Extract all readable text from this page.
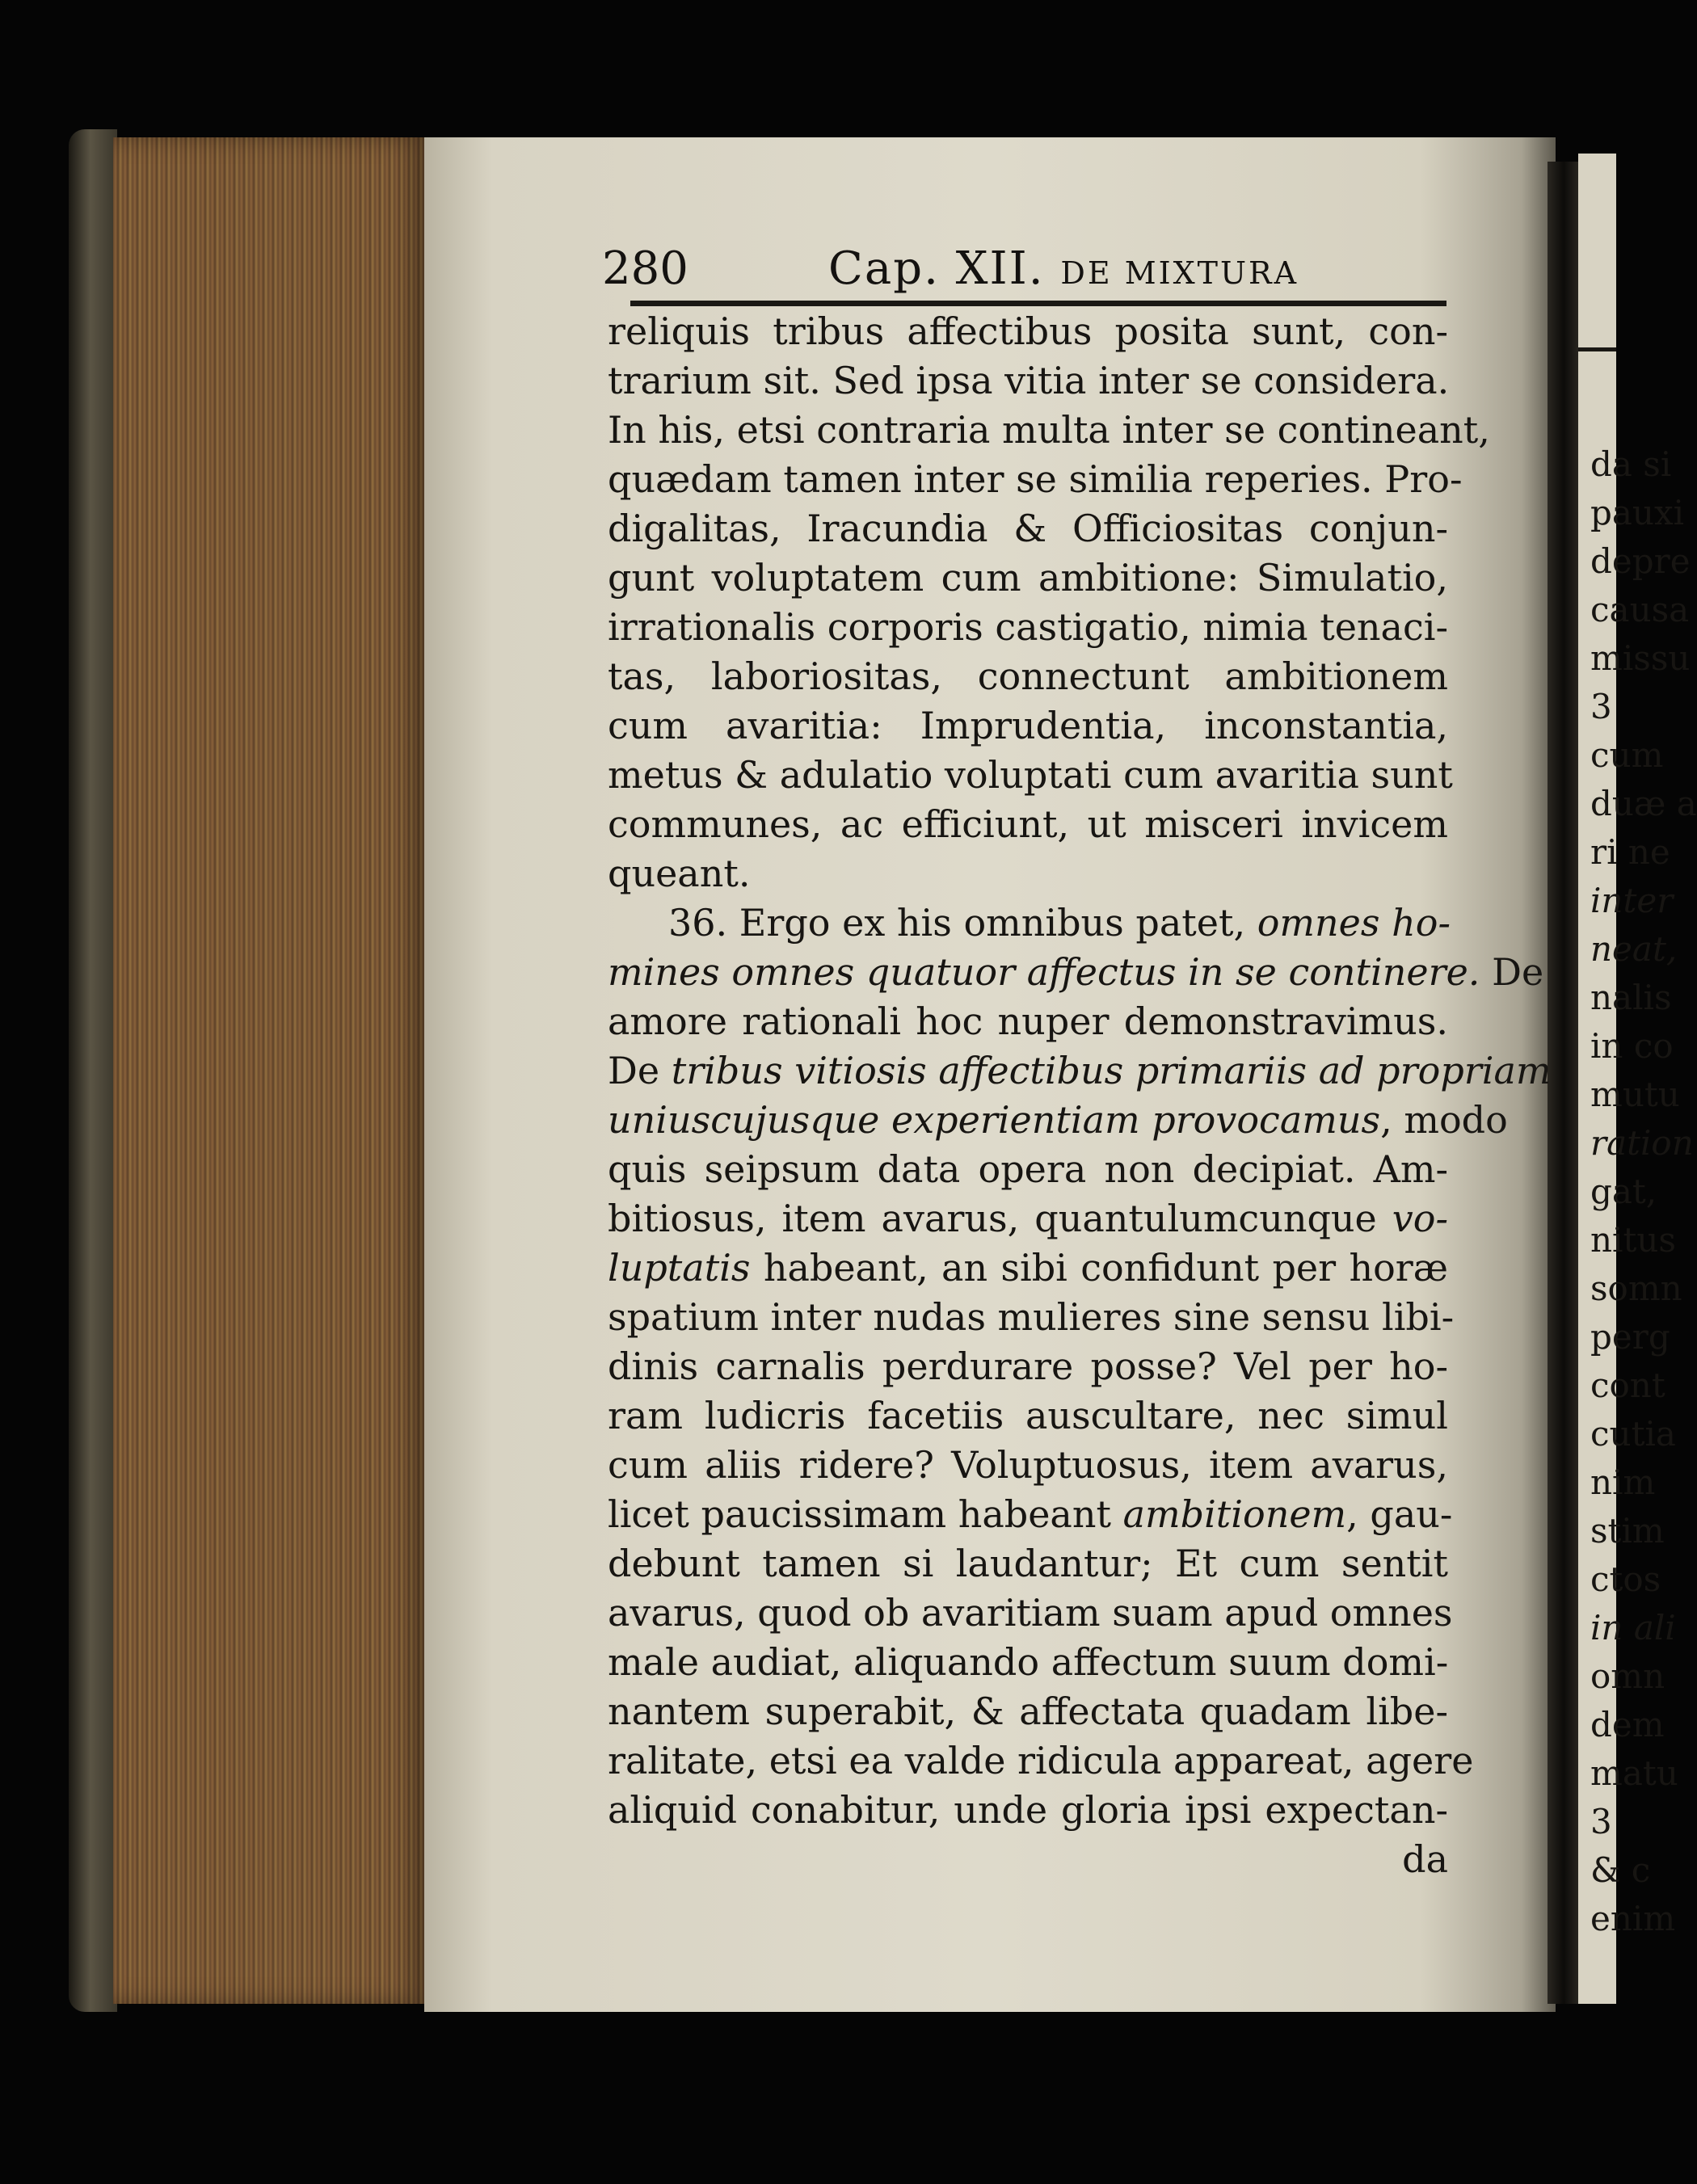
da si
pauxi
depre
causa
missu
3
cum
duæ a
ri ne
inter
neat,
nalis
in co
mutu
ration
gat,
nitus
somn
perg
cont
cutia
nim
stim
ctos
in ali
omn
dem
matu
3
& c
enim
280	Cap. XII. DE MIXTURA
reliquis tribus affectibus posita sunt, con-
trarium sit. Sed ipsa vitia inter se considera.
In his, etsi contraria multa inter se contineant,
quædam tamen inter se similia reperies. Pro-
digalitas, Iracundia & Officiositas conjun-
gunt voluptatem cum ambitione: Simulatio,
irrationalis corporis castigatio, nimia tenaci-
tas, laboriositas, connectunt ambitionem
cum avaritia: Imprudentia, inconstantia,
metus & adulatio voluptati cum avaritia sunt
communes, ac efficiunt, ut misceri invicem
queant.
36. Ergo ex his omnibus patet, omnes ho-
mines omnes quatuor affectus in se continere. De
amore rationali hoc nuper demonstravimus.
De tribus vitiosis affectibus primariis ad propriam
uniuscujusque experientiam provocamus, modo
quis seipsum data opera non decipiat. Am-
bitiosus, item avarus, quantulumcunque vo-
luptatis habeant, an sibi confidunt per horæ
spatium inter nudas mulieres sine sensu libi-
dinis carnalis perdurare posse? Vel per ho-
ram ludicris facetiis auscultare, nec simul
cum aliis ridere? Voluptuosus, item avarus,
licet paucissimam habeant ambitionem, gau-
debunt tamen si laudantur; Et cum sentit
avarus, quod ob avaritiam suam apud omnes
male audiat, aliquando affectum suum domi-
nantem superabit, & affectata quadam libe-
ralitate, etsi ea valde ridicula appareat, agere
aliquid conabitur, unde gloria ipsi expectan-
da
